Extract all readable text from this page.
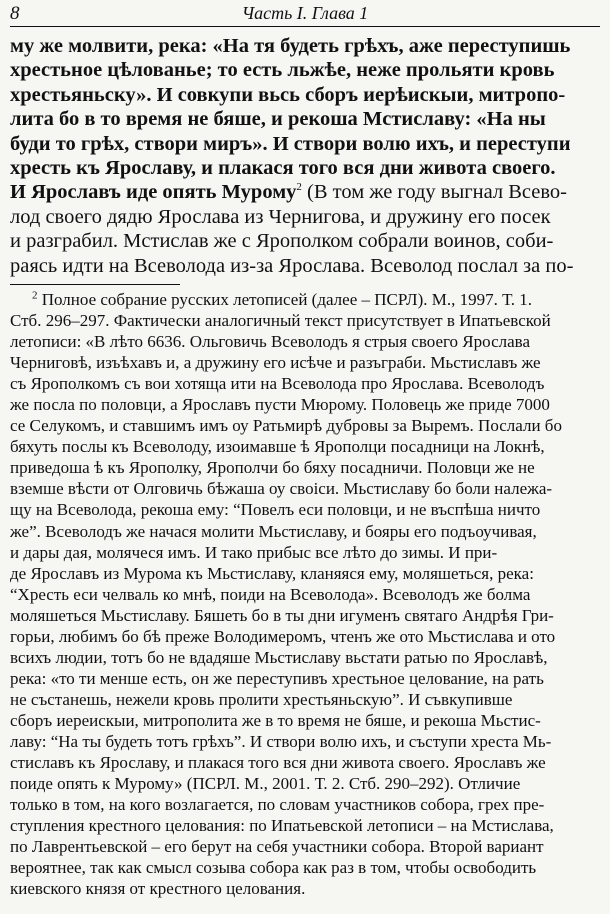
8	Часть I. Глава 1
му же молвити, река: «На тя будеть грѣхъ, аже переступишь
хрестьное цѣлованье; то есть льжѣе, неже прольяти кровь
хрестьяньску». И совкупи вьсь сборъ иерѣискыи, митропо-
лита бо в то время не бяше, и рекоша Мстиславу: «На ны
буди то грѣх, створи миръ». И створи волю ихъ, и переступи
хресть къ Ярославу, и плакася того вся дни живота своего.
И Ярославъ иде опять Мурому$^2$ (В том же году выгнал Всево-
лод своего дядю Ярослава из Чернигова, и дружину его посек
и разграбил. Мстислав же с Ярополком собрали воинов, соби-
раясь идти на Всеволода из-за Ярослава. Всеволод послал за по-
$^2$ Полное собрание русских летописей (далее – ПСРЛ). М., 1997. Т. 1.
Стб. 296–297. Фактически аналогичный текст присутствует в Ипатьевской
летописи: «В лѣто 6636. Ольговичь Всеволодъ я стрыя своего Ярослава
Черниговѣ, изъѣхавъ и, а дружину его исѣче и разъграби. Мьстиславъ же
съ Ярополкомъ съ вои хотяща ити на Всеволода про Ярослава. Всеволодъ
же посла по половци, а Ярославъ пусти Мюрому. Половець же приде 7000
се Селукомъ, и ставшимъ имъ оу Ратьмирѣ дубровы за Выремъ. Послали бо
бяхуть послы къ Всеволоду, изоимавше ѣ Ярополци посадници на Локнѣ,
приведоша ѣ къ Ярополку, Ярополчи бо бяху посадничи. Половци же не
вземше вѣсти от Олговичь бѣжаша оу своіси. Мьстиславу бо боли належа-
щу на Всеволода, рекоша ему: “Повелъ еси половци, и не въспѣша ничто
же”. Всеволодъ же начася молити Мьстиславу, и бояры его подъоучивая,
и дары дая, молячеся имъ. И тако прибыс все лѣто до зимы. И при-
де Ярославъ из Мурома къ Мьстиславу, кланяяся ему, моляшеться, река:
“Хресть еси челваль ко мнѣ, поиди на Всеволода». Всеволодъ же болма
моляшеться Мьстиславу. Бяшеть бо в ты дни игуменъ святаго Андрѣя Гри-
горьи, любимъ бо бѣ преже Володимеромъ, чтенъ же ото Мьстислава и ото
всихъ людии, тотъ бо не вдадяше Мьстиславу вьстати ратью по Ярославѣ,
река: «то ти менше есть, он же переступивъ хрестьное целование, на рать
не състанешь, нежели кровь пролити хрестьяньскую”. И съвкупивше
сборъ иереискыи, митрополита же в то время не бяше, и рекоша Мьстис-
лаву: “На ты будеть тотъ грѣхъ”. И створи волю ихъ, и съступи хреста Мь-
стиславъ къ Ярославу, и плакася того вся дни живота своего. Ярославъ же
поиде опять к Мурому» (ПСРЛ. М., 2001. Т. 2. Стб. 290–292). Отличие
только в том, на кого возлагается, по словам участников собора, грех пре-
ступления крестного целования: по Ипатьевской летописи – на Мстислава,
по Лаврентьевской – его берут на себя участники собора. Второй вариант
вероятнее, так как смысл созыва собора как раз в том, чтобы освободить
киевского князя от крестного целования.
